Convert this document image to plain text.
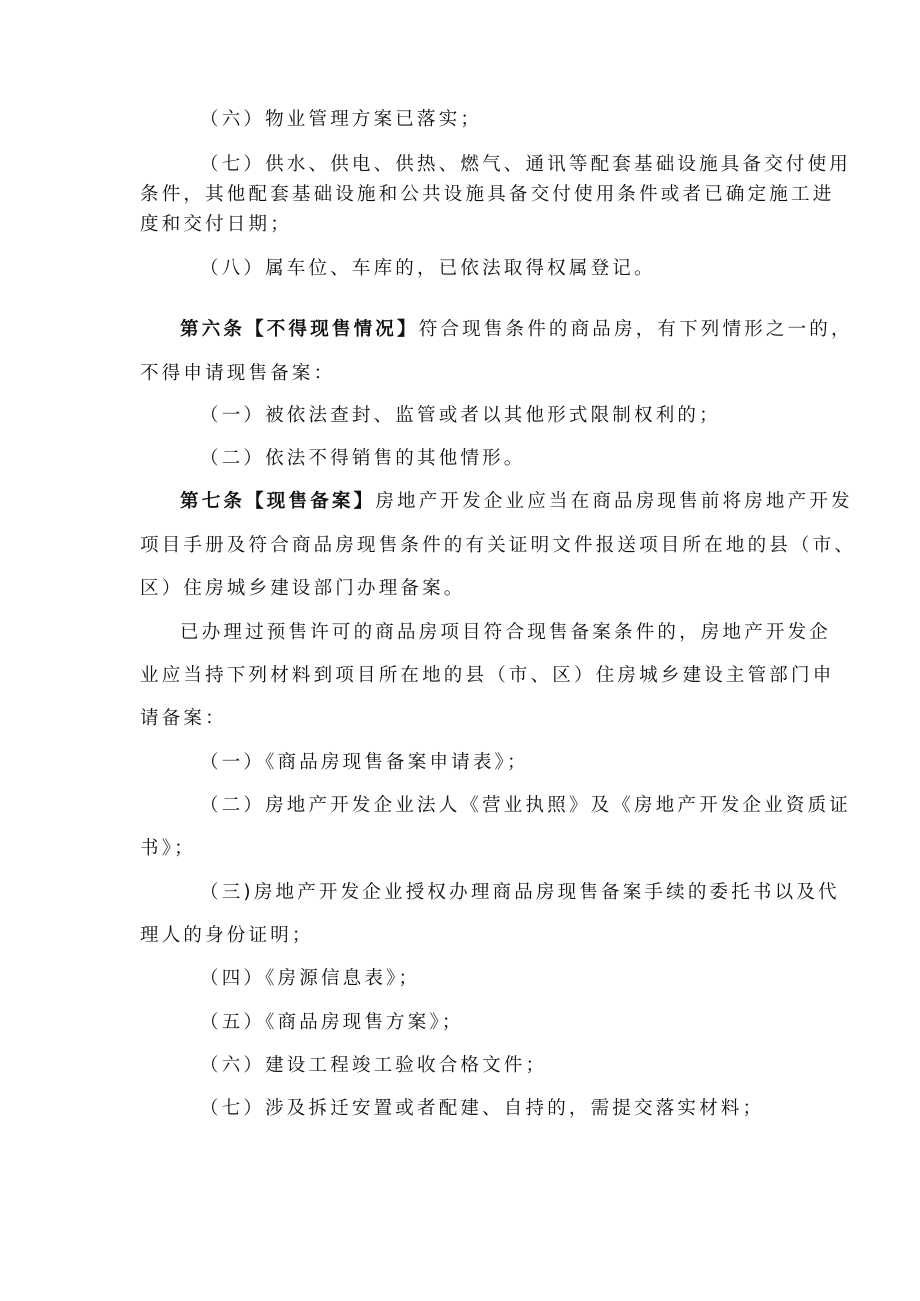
（六）物业管理方案已落实；
（七）供水、供电、供热、燃气、通讯等配套基础设施具备交付使用
条件，其他配套基础设施和公共设施具备交付使用条件或者已确定施工进
度和交付日期；
（八）属车位、车库的，已依法取得权属登记。
第六条【不得现售情况】符合现售条件的商品房，有下列情形之一的，
不得申请现售备案：
（一）被依法查封、监管或者以其他形式限制权利的；
（二）依法不得销售的其他情形。
第七条【现售备案】房地产开发企业应当在商品房现售前将房地产开发
项目手册及符合商品房现售条件的有关证明文件报送项目所在地的县（市、
区）住房城乡建设部门办理备案。
已办理过预售许可的商品房项目符合现售备案条件的，房地产开发企
业应当持下列材料到项目所在地的县（市、区）住房城乡建设主管部门申
请备案：
（一）《商品房现售备案申请表》；
（二）房地产开发企业法人《营业执照》及《房地产开发企业资质证
书》；
（三)房地产开发企业授权办理商品房现售备案手续的委托书以及代
理人的身份证明；
（四）《房源信息表》；
（五）《商品房现售方案》；
（六）建设工程竣工验收合格文件；
（七）涉及拆迁安置或者配建、自持的，需提交落实材料；
